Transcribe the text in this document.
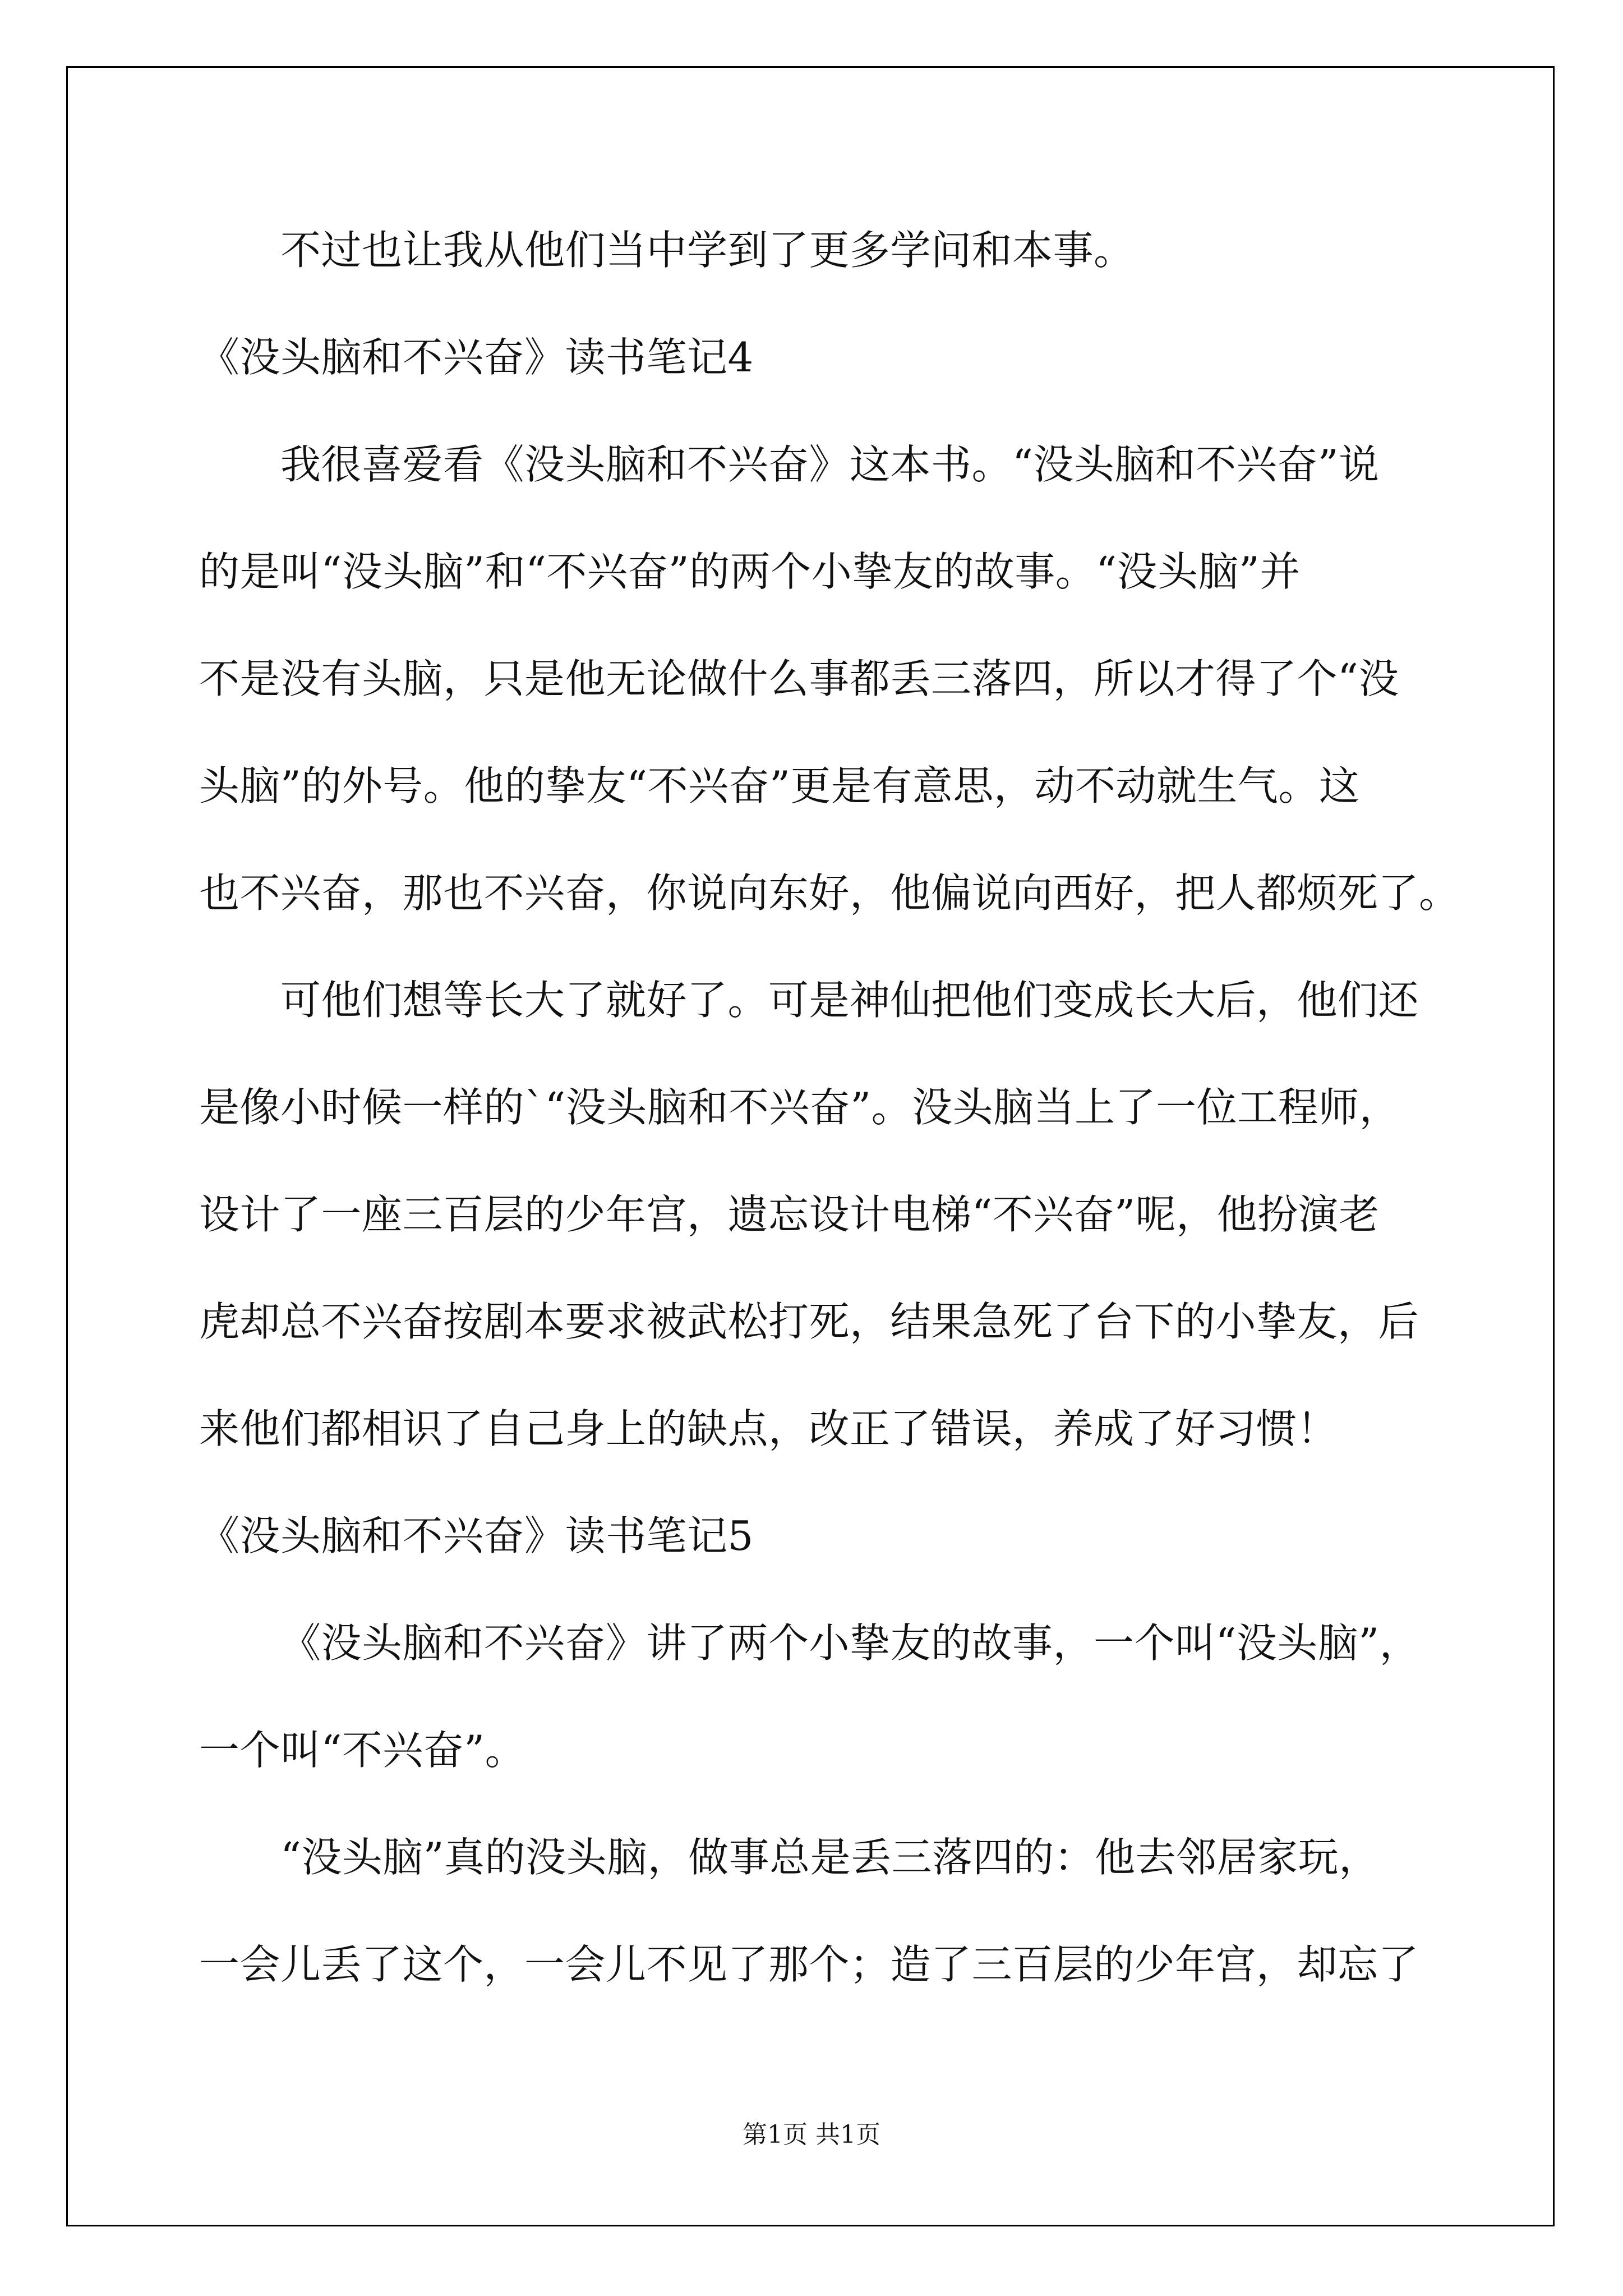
不过也让我从他们当中学到了更多学问和本事。

《没头脑和不兴奋》读书笔记4

我很喜爱看《没头脑和不兴奋》这本书。“没头脑和不兴奋”说

的是叫“没头脑”和“不兴奋”的两个小挚友的故事。“没头脑”并

不是没有头脑，只是他无论做什么事都丢三落四，所以才得了个“没

头脑”的外号。他的挚友“不兴奋”更是有意思，动不动就生气。这

也不兴奋，那也不兴奋，你说向东好，他偏说向西好，把人都烦死了。

可他们想等长大了就好了。可是神仙把他们变成长大后，他们还

是像小时候一样的`“没头脑和不兴奋”。没头脑当上了一位工程师，

设计了一座三百层的少年宫，遗忘设计电梯“不兴奋”呢，他扮演老

虎却总不兴奋按剧本要求被武松打死，结果急死了台下的小挚友，后

来他们都相识了自己身上的缺点，改正了错误，养成了好习惯！

《没头脑和不兴奋》读书笔记5

《没头脑和不兴奋》讲了两个小挚友的故事，一个叫“没头脑”，

一个叫“不兴奋”。

“没头脑”真的没头脑，做事总是丢三落四的：他去邻居家玩，

一会儿丢了这个，一会儿不见了那个；造了三百层的少年宫，却忘了

第1页 共1页
